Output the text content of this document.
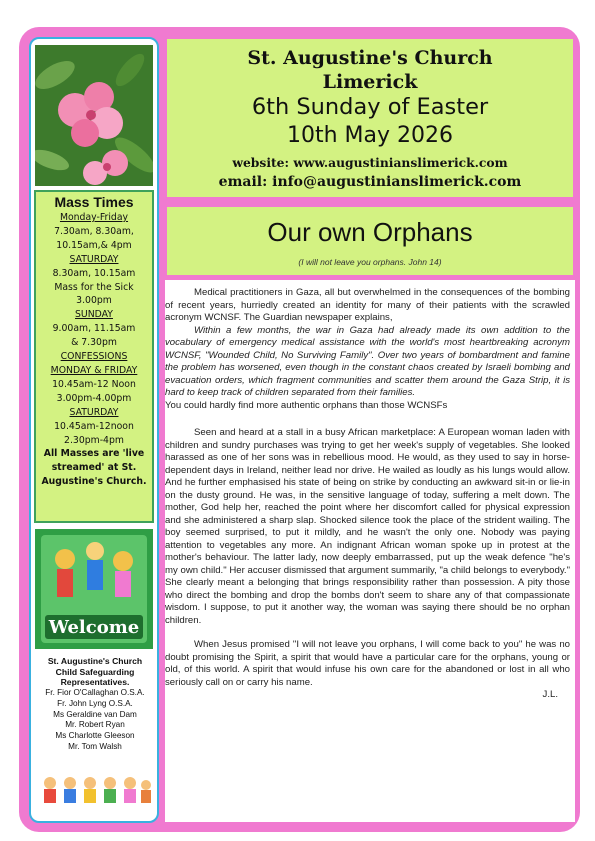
Mass Times
Monday-Friday
7.30am, 8.30am,
10.15am,& 4pm
SATURDAY
8.30am, 10.15am
Mass for the Sick
3.00pm
SUNDAY
9.00am, 11.15am
& 7.30pm
CONFESSIONS
MONDAY & FRIDAY
10.45am-12 Noon
3.00pm-4.00pm
SATURDAY
10.45am-12noon
2.30pm-4pm
All Masses are 'live
streamed' at St.
Augustine's Church.
Welcome
St. Augustine's Church
Child Safeguarding
Representatives.
Fr. Fior O'Callaghan O.S.A.
Fr. John Lyng O.S.A.
Ms Geraldine van Dam
Mr. Robert Ryan
Ms Charlotte Gleeson
Mr. Tom Walsh
St. Augustine's Church
Limerick
6th Sunday of Easter
10th May 2026
website: www.augustinianslimerick.com
email: info@augustinianslimerick.com
Our own Orphans
(I will not leave you orphans. John 14)

Medical practitioners in Gaza, all but overwhelmed in the consequences of the bombing of recent years, hurriedly created an identity for many of their patients with the scrawled acronym WCNSF. The Guardian newspaper explains,

Within a few months, the war in Gaza had already made its own addition to the vocabulary of emergency medical assistance with the world's most heartbreaking acronym WCNSF, "Wounded Child, No Surviving Family". Over two years of bombardment and famine the problem has worsened, even though in the constant chaos created by Israeli bombing and evacuation orders, which fragment communities and scatter them around the Gaza Strip, it is hard to keep track of children separated from their families.

You could hardly find more authentic orphans than those WCNSFs

Seen and heard at a stall in a busy African marketplace: A European woman laden with children and sundry purchases was trying to get her week's supply of vegetables. She looked harassed as one of her sons was in rebellious mood. He would, as they used to say in horse-dependent days in Ireland, neither lead nor drive. He wailed as loudly as his lungs would allow. And he further emphasised his state of being on strike by conducting an awkward sit-in or lie-in on the dusty ground. He was, in the sensitive language of today, suffering a melt down. The mother, God help her, reached the point where her discomfort called for physical expression and she administered a sharp slap. Shocked silence took the place of the strident wailing. The boy seemed surprised, to put it mildly, and he wasn't the only one. Nobody was paying attention to vegetables any more. An indignant African woman spoke up in protest at the mother's behaviour. The latter lady, now deeply embarrassed, put up the weak defence "he's my own child." Her accuser dismissed that argument summarily, "a child belongs to everybody." She clearly meant a belonging that brings responsibility rather than possession. A pity those who direct the bombing and drop the bombs don't seem to share any of that compassionate wisdom. I suppose, to put it another way, the woman was saying there should be no orphan children.

When Jesus promised "I will not leave you orphans, I will come back to you" he was no doubt promising the Spirit, a spirit that would have a particular care for the orphans, young or old, of this world. A spirit that would infuse his own care for the abandoned or lost in all who seriously call on or carry his name.
J.L.
